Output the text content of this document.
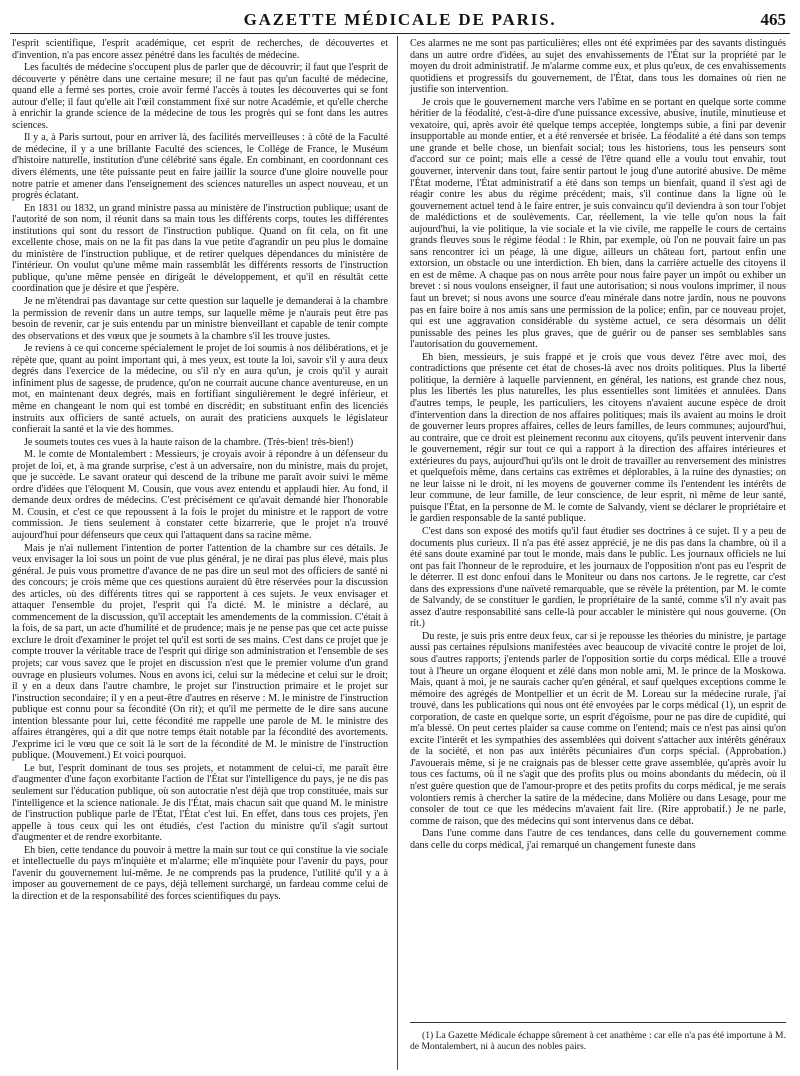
GAZETTE MÉDICALE DE PARIS.	465

l'esprit scientifique, l'esprit académique, cet esprit de recherches, de découvertes et d'invention, n'a pas encore assez pénétré dans les facultés de médecine.

Les facultés de médecine s'occupent plus de parler que de découvrir; il faut que l'esprit de découverte y pénètre dans une certaine mesure; il ne faut pas qu'un faculté de médecine, quand elle a fermé ses portes, croie avoir fermé l'accès à toutes les découvertes qui se font autour d'elle; il faut qu'elle ait l'œil constamment fixé sur notre Académie, et qu'elle cherche à enrichir la grande science de la médecine de tous les progrès qui se font dans les autres sciences.

Il y a, à Paris surtout, pour en arriver là, des facilités merveilleuses : à côté de la Faculté de médecine, il y a une brillante Faculté des sciences, le Collége de France, le Muséum d'histoire naturelle, institution d'une célébrité sans égale. En combinant, en coordonnant ces divers éléments, une tête puissante peut en faire jaillir la source d'une gloire nouvelle pour notre patrie et amener dans l'enseignement des sciences naturelles un aspect nouveau, et un progrès éclatant.

En 1831 ou 1832, un grand ministre passa au ministère de l'instruction publique; usant de l'autorité de son nom, il réunit dans sa main tous les différents corps, toutes les différentes institutions qui sont du ressort de l'instruction publique. Quand on fit cela, on fit une excellente chose, mais on ne la fit pas dans la vue petite d'agrandir un peu plus le domaine du ministère de l'instruction publique, et de retirer quelques dépendances du ministère de l'intérieur. On voulut qu'une même main rassemblât les différents ressorts de l'instruction publique, qu'une même pensée en dirigeât le développement, et qu'il en résultât cette coordination que je désire et que j'espère.

Je ne m'étendrai pas davantage sur cette question sur laquelle je demanderai à la chambre la permission de revenir dans un autre temps, sur laquelle même je n'aurais peut être pas besoin de revenir, car je suis entendu par un ministre bienveillant et capable de tenir compte des observations et des vœux que je soumets à la chambre s'il les trouve justes.

Je reviens à ce qui concerne spécialement le projet de loi soumis à nos délibérations, et je répète que, quant au point important qui, à mes yeux, est toute la loi, savoir s'il y aura deux degrés dans l'exercice de la médecine, ou s'il n'y en aura qu'un, je crois qu'il y aurait infiniment plus de sagesse, de prudence, qu'on ne courrait aucune chance aventureuse, en un mot, en maintenant deux degrés, mais en fortifiant singulièrement le degré inférieur, et même en changeant le nom qui est tombé en discrédit; en substituant enfin des licenciés instruits aux officiers de santé actuels, on aurait des praticiens auxquels le législateur confierait la santé et la vie des hommes.

Je soumets toutes ces vues à la haute raison de la chambre. (Très-bien! très-bien!)

M. le comte de Montalembert : Messieurs, je croyais avoir à répondre à un défenseur du projet de loi, et, à ma grande surprise, c'est à un adversaire, non du ministre, mais du projet, que je succède. Le savant orateur qui descend de la tribune me paraît avoir suivi le même ordre d'idées que l'éloquent M. Cousin, que vous avez entendu et applaudi hier. Au fond, il demande deux ordres de médecins. C'est précisément ce qu'avait demandé hier l'honorable M. Cousin, et c'est ce que repoussent à la fois le projet du ministre et le rapport de votre commission. Je tiens seulement à constater cette bizarrerie, que le projet n'a trouvé aujourd'hui pour défenseurs que ceux qui l'attaquent dans sa racine même.

Mais je n'ai nullement l'intention de porter l'attention de la chambre sur ces détails. Je veux envisager la loi sous un point de vue plus général, je ne dirai pas plus élevé, mais plus général. Je puis vous promettre d'avance de ne pas dire un seul mot des officiers de santé ni des concours; je crois même que ces questions auraient dû être réservées pour la discussion des articles, où des différents titres qui se rapportent à ces sujets. Je veux envisager et attaquer l'ensemble du projet, l'esprit qui l'a dicté. M. le ministre a déclaré, au commencement de la discussion, qu'il acceptait les amendements de la commission. C'était à la fois, de sa part, un acte d'humilité et de prudence; mais je ne pense pas que cet acte puisse exclure le droit d'examiner le projet tel qu'il est sorti de ses mains. C'est dans ce projet que je compte trouver la véritable trace de l'esprit qui dirige son administration et l'ensemble de ses projets; car vous savez que le projet en discussion n'est que le premier volume d'un grand ouvrage en plusieurs volumes. Nous en avons ici, celui sur la médecine et celui sur le droit; il y en a deux dans l'autre chambre, le projet sur l'instruction primaire et le projet sur l'instruction secondaire; il y en a peut-être d'autres en réserve : M. le ministre de l'instruction publique est connu pour sa fécondité (On rit); et qu'il me permette de le dire sans aucune intention blessante pour lui, cette fécondité me rappelle une parole de M. le ministre des affaires étrangères, qui a dit que notre temps était notable par la fécondité des avortements. J'exprime ici le vœu que ce soit là le sort de la fécondité de M. le ministre de l'instruction publique. (Mouvement.) Et voici pourquoi.

Le but, l'esprit dominant de tous ses projets, et notamment de celui-ci, me paraît être d'augmenter d'une façon exorbitante l'action de l'État sur l'intelligence du pays, je ne dis pas seulement sur l'éducation publique, où son autocratie n'est déjà que trop constituée, mais sur l'intelligence et la science nationale. Je dis l'État, mais chacun sait que quand M. le ministre de l'instruction publique parle de l'État, l'État c'est lui. En effet, dans tous ces projets, j'en appelle à tous ceux qui les ont étudiés, c'est l'action du ministre qu'il s'agit surtout d'augmenter et de rendre exorbitante.

Eh bien, cette tendance du pouvoir à mettre la main sur tout ce qui constitue la vie sociale et intellectuelle du pays m'inquiète et m'alarme; elle m'inquiète pour l'avenir du pays, pour l'avenir du gouvernement lui-même. Je ne comprends pas la prudence, l'utilité qu'il y a à imposer au gouvernement de ce pays, déjà tellement surchargé, un fardeau comme celui de la direction et de la responsabilité des forces scientifiques du pays.

Ces alarmes ne me sont pas particulières; elles ont été exprimées par des savants distingués dans un autre ordre d'idées, au sujet des envahissements de l'État sur la propriété par le moyen du droit administratif. Je m'alarme comme eux, et plus qu'eux, de ces envahissements quotidiens et progressifs du gouvernement, de l'État, dans tous les domaines où rien ne justifie son intervention.

Je crois que le gouvernement marche vers l'abîme en se portant en quelque sorte comme héritier de la féodalité, c'est-à-dire d'une puissance excessive, abusive, inutile, minutieuse et vexatoire, qui, après avoir été quelque temps acceptée, longtemps subie, a fini par devenir insupportable au monde entier, et a été renversée et brisée. La féodalité a été dans son temps une grande et belle chose, un bienfait social; tous les historiens, tous les penseurs sont d'accord sur ce point; mais elle a cessé de l'être quand elle a voulu tout envahir, tout gouverner, intervenir dans tout, faire sentir partout le joug d'une autorité abusive. De même l'État moderne, l'État administratif a été dans son temps un bienfait, quand il s'est agi de réagir contre les abus du régime précédent; mais, s'il continue dans la ligne où le gouvernement actuel tend à le faire entrer, je suis convaincu qu'il deviendra à son tour l'objet de malédictions et de soulèvements. Car, réellement, la vie telle qu'on nous la fait aujourd'hui, la vie politique, la vie sociale et la vie civile, me rappelle le cours de certains grands fleuves sous le régime féodal : le Rhin, par exemple, où l'on ne pouvait faire un pas sans rencontrer ici un péage, là une digue, ailleurs un château fort, partout enfin une extorsion, un obstacle ou une interdiction. Eh bien, dans la carrière actuelle des citoyens il en est de même. A chaque pas on nous arrête pour nous faire payer un impôt ou exhiber un brevet : si nous voulons enseigner, il faut une autorisation; si nous voulons imprimer, il nous faut un brevet; si nous avons une source d'eau minérale dans notre jardin, nous ne pouvons pas en faire boire à nos amis sans une permission de la police; enfin, par ce nouveau projet, qui est une aggravation considérable du système actuel, ce sera désormais un délit punissable des peines les plus graves, que de guérir ou de panser ses semblables sans l'autorisation du gouvernement.

Eh bien, messieurs, je suis frappé et je crois que vous devez l'être avec moi, des contradictions que présente cet état de choses-là avec nos droits politiques. Plus la liberté politique, la dernière à laquelle parviennent, en général, les nations, est grande chez nous, plus les libertés les plus naturelles, les plus essentielles sont limitées et annulées. Dans d'autres temps, le peuple, les particuliers, les citoyens n'avaient aucune espèce de droit d'intervention dans la direction de nos affaires politiques; mais ils avaient au moins le droit de gouverner leurs propres affaires, celles de leurs familles, de leurs communes; aujourd'hui, au contraire, que ce droit est pleinement reconnu aux citoyens, qu'ils peuvent intervenir dans le gouvernement, régir sur tout ce qui a rapport à la direction des affaires intérieures et extérieures du pays, aujourd'hui qu'ils ont le droit de travailler au renversement des ministres et quelquefois même, dans certains cas extrêmes et déplorables, à la ruine des dynasties; on ne leur laisse ni le droit, ni les moyens de gouverner comme ils l'entendent les intérêts de leur commune, de leur famille, de leur conscience, de leur esprit, ni même de leur santé, puisque l'État, en la personne de M. le comte de Salvandy, vient se déclarer le propriétaire et le gardien responsable de la santé publique.

C'est dans son exposé des motifs qu'il faut étudier ses doctrines à ce sujet. Il y a peu de documents plus curieux. Il n'a pas été assez apprécié, je ne dis pas dans la chambre, où il a été sans doute examiné par tout le monde, mais dans le public. Les journaux officiels ne lui ont pas fait l'honneur de le reproduire, et les journaux de l'opposition n'ont pas eu l'esprit de le déterrer. Il est donc enfoui dans le Moniteur ou dans nos cartons. Je le regrette, car c'est dans des expressions d'une naïveté remarquable, que se révèle la prétention, par M. le comte de Salvandy, de se constituer le gardien, le propriétaire de la santé, comme s'il n'y avait pas assez d'autre responsabilité sans celle-là pour accabler le ministère qui nous gouverne. (On rit.)

Du reste, je suis pris entre deux feux, car si je repousse les théories du ministre, je partage aussi pas certaines répulsions manifestées avec beaucoup de vivacité contre le projet de loi, sous d'autres rapports; j'entends parler de l'opposition sortie du corps médical. Elle a trouvé tout à l'heure un organe éloquent et zélé dans mon noble ami, M. le prince de la Moskowa. Mais, quant à moi, je ne saurais cacher qu'en général, et sauf quelques exceptions comme le mémoire des agrégés de Montpellier et un écrit de M. Loreau sur la médecine rurale, j'ai trouvé, dans les publications qui nous ont été envoyées par le corps médical (1), un esprit de corporation, de caste en quelque sorte, un esprit d'égoïsme, pour ne pas dire de cupidité, qui m'a blessé. On peut certes plaider sa cause comme on l'entend; mais ce n'est pas ainsi qu'on excite l'intérêt et les sympathies des assemblées qui doivent s'attacher aux intérêts généraux de la société, et non pas aux intérêts pécuniaires d'un corps spécial. (Approbation.) J'avouerais même, si je ne craignais pas de blesser cette grave assemblée, qu'après avoir lu tous ces factums, où il ne s'agit que des profits plus ou moins abondants du médecin, où il n'est guère question que de l'amour-propre et des petits profits du corps médical, je me serais volontiers remis à chercher la satire de la médecine, dans Molière ou dans Lesage, pour me consoler de tout ce que les médecins m'avaient fait lire. (Rire approbatif.) Je ne parle, comme de raison, que des médecins qui sont intervenus dans ce débat.

Dans l'une comme dans l'autre de ces tendances, dans celle du gouvernement comme dans celle du corps médical, j'ai remarqué un changement funeste dans

(1) La Gazette Médicale échappe sûrement à cet anathème : car elle n'a pas été importune à M. de Montalembert, ni à aucun des nobles pairs.
